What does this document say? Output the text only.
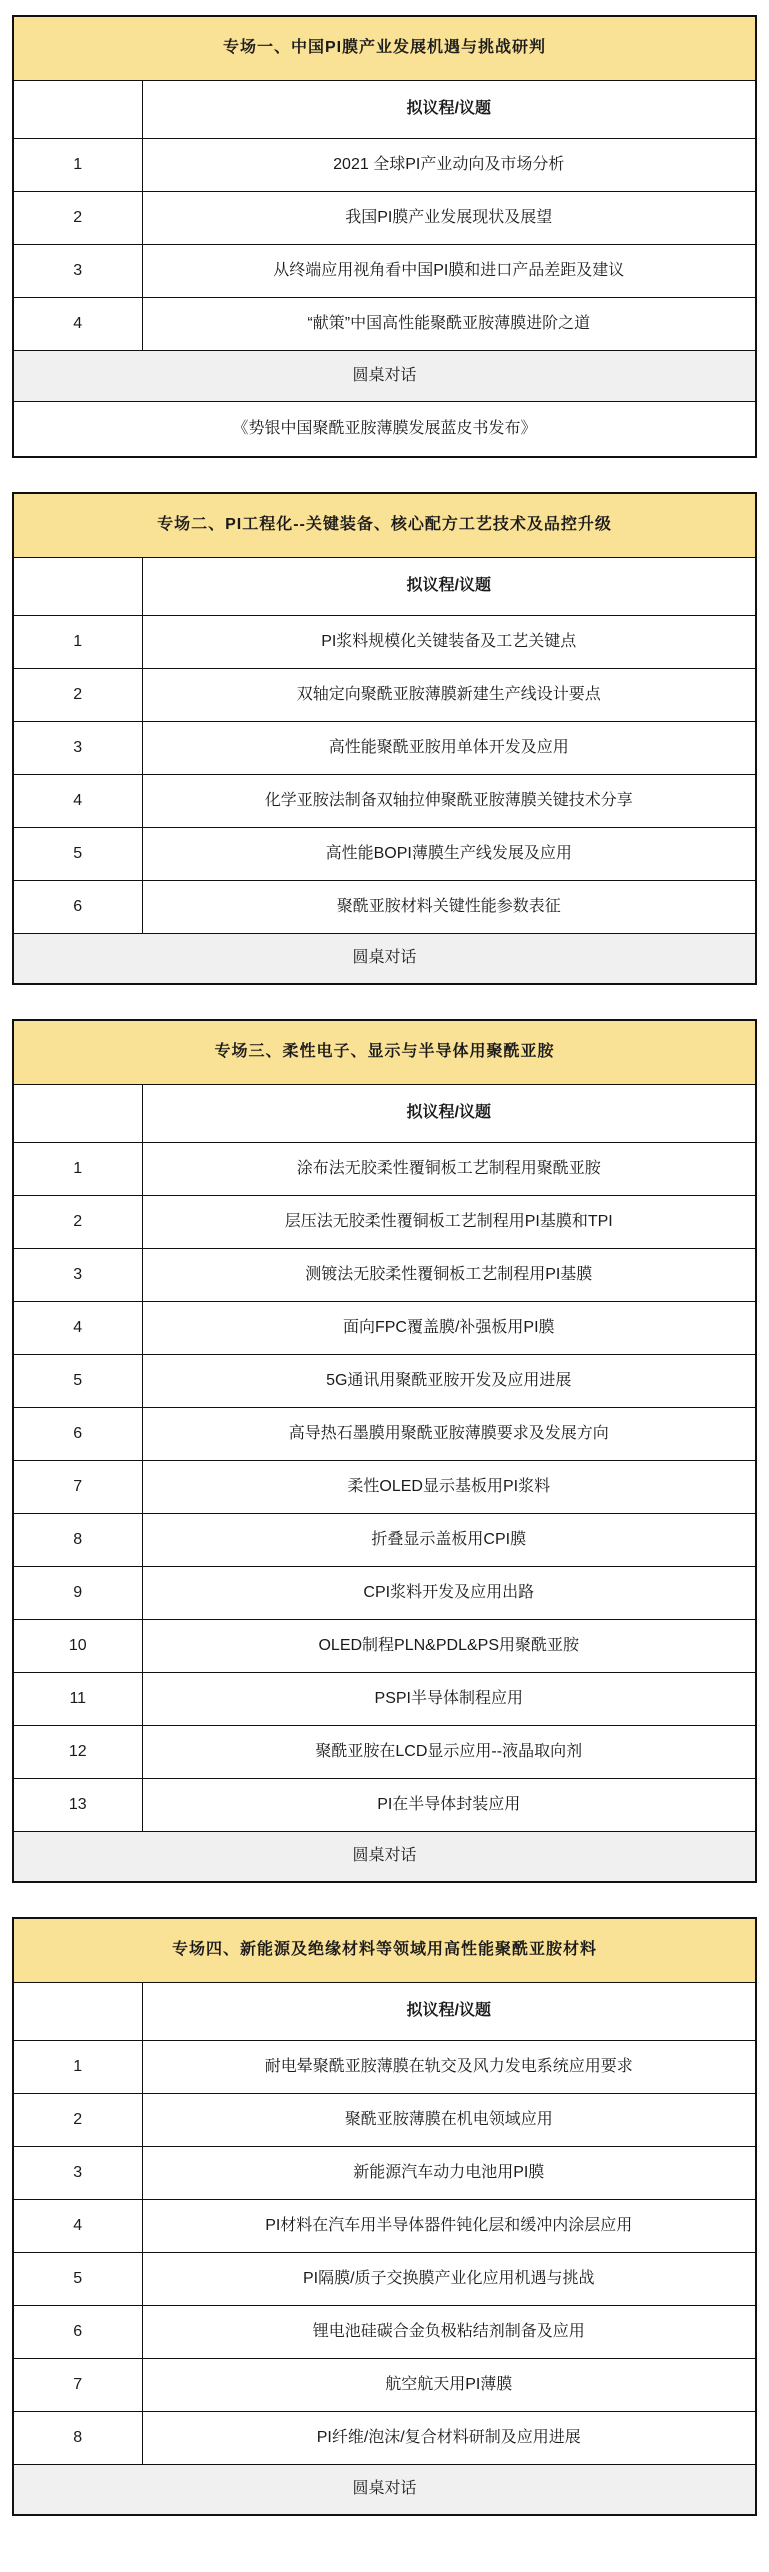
专场一、中国PI膜产业发展机遇与挑战研判	
	拟议程/议题
1	2021 全球PI产业动向及市场分析
2	我国PI膜产业发展现状及展望
3	从终端应用视角看中国PI膜和进口产品差距及建议
4	“献策”中国高性能聚酰亚胺薄膜进阶之道
圆桌对话	
《势银中国聚酰亚胺薄膜发展蓝皮书发布》	
专场二、PI工程化--关键装备、核心配方工艺技术及品控升级	
	拟议程/议题
1	PI浆料规模化关键装备及工艺关键点
2	双轴定向聚酰亚胺薄膜新建生产线设计要点
3	高性能聚酰亚胺用单体开发及应用
4	化学亚胺法制备双轴拉伸聚酰亚胺薄膜关键技术分享
5	高性能BOPI薄膜生产线发展及应用
6	聚酰亚胺材料关键性能参数表征
圆桌对话	
专场三、柔性电子、显示与半导体用聚酰亚胺	
	拟议程/议题
1	涂布法无胶柔性覆铜板工艺制程用聚酰亚胺
2	层压法无胶柔性覆铜板工艺制程用PI基膜和TPI
3	测镀法无胶柔性覆铜板工艺制程用PI基膜
4	面向FPC覆盖膜/补强板用PI膜
5	5G通讯用聚酰亚胺开发及应用进展
6	高导热石墨膜用聚酰亚胺薄膜要求及发展方向
7	柔性OLED显示基板用PI浆料
8	折叠显示盖板用CPI膜
9	CPI浆料开发及应用出路
10	OLED制程PLN&PDL&PS用聚酰亚胺
11	PSPI半导体制程应用
12	聚酰亚胺在LCD显示应用--液晶取向剂
13	PI在半导体封装应用
圆桌对话	
专场四、新能源及绝缘材料等领域用高性能聚酰亚胺材料	
	拟议程/议题
1	耐电晕聚酰亚胺薄膜在轨交及风力发电系统应用要求
2	聚酰亚胺薄膜在机电领域应用
3	新能源汽车动力电池用PI膜
4	PI材料在汽车用半导体器件钝化层和缓冲内涂层应用
5	PI隔膜/质子交换膜产业化应用机遇与挑战
6	锂电池硅碳合金负极粘结剂制备及应用
7	航空航天用PI薄膜
8	PI纤维/泡沫/复合材料研制及应用进展
圆桌对话	
